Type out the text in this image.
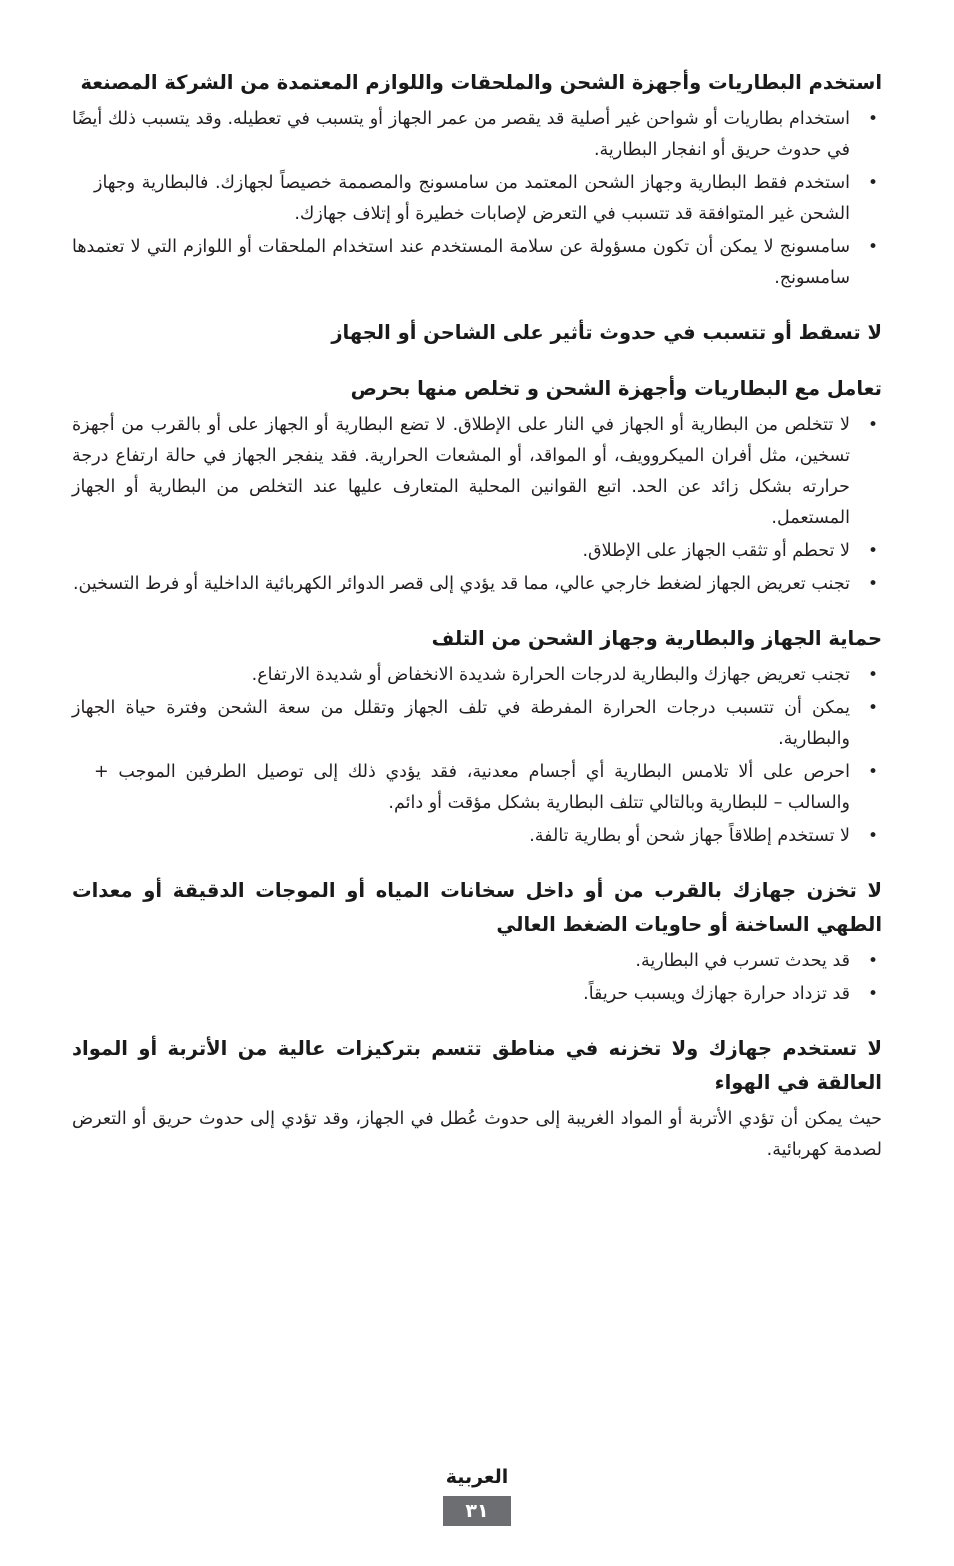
استخدم البطاريات وأجهزة الشحن والملحقات واللوازم المعتمدة من الشركة المصنعة
•
استخدام بطاريات أو شواحن غير أصلية قد يقصر من عمر الجهاز أو يتسبب في تعطيله. وقد يتسبب ذلك أيضًا في حدوث حريق أو انفجار البطارية.
•
استخدم فقط البطارية وجهاز الشحن المعتمد من سامسونج والمصممة خصيصاً لجهازك. فالبطارية وجهاز الشحن غير المتوافقة قد تتسبب في التعرض لإصابات خطيرة أو إتلاف جهازك.
•
سامسونج لا يمكن أن تكون مسؤولة عن سلامة المستخدم عند استخدام الملحقات أو اللوازم التي لا تعتمدها سامسونج.
لا تسقط أو تتسبب في حدوث تأثير على الشاحن أو الجهاز
تعامل مع البطاريات وأجهزة الشحن و تخلص منها بحرص
•
لا تتخلص من البطارية أو الجهاز في النار على الإطلاق. لا تضع البطارية أو الجهاز على أو بالقرب من أجهزة تسخين، مثل أفران الميكروويف، أو المواقد، أو المشعات الحرارية. فقد ينفجر الجهاز في حالة ارتفاع درجة حرارته بشكل زائد عن الحد. اتبع القوانين المحلية المتعارف عليها عند التخلص من البطارية أو الجهاز المستعمل.
•
لا تحطم أو تثقب الجهاز على الإطلاق.
•
تجنب تعريض الجهاز لضغط خارجي عالي، مما قد يؤدي إلى قصر الدوائر الكهربائية الداخلية أو فرط التسخين.
حماية الجهاز والبطارية وجهاز الشحن من التلف
•
تجنب تعريض جهازك والبطارية لدرجات الحرارة شديدة الانخفاض أو شديدة الارتفاع.
•
يمكن أن تتسبب درجات الحرارة المفرطة في تلف الجهاز وتقلل من سعة الشحن وفترة حياة الجهاز والبطارية.
•
احرص على ألا تلامس البطارية أي أجسام معدنية، فقد يؤدي ذلك إلى توصيل الطرفين الموجب + والسالب – للبطارية وبالتالي تتلف البطارية بشكل مؤقت أو دائم.
•
لا تستخدم إطلاقاً جهاز شحن أو بطارية تالفة.
لا تخزن جهازك بالقرب من أو داخل سخانات المياه أو الموجات الدقيقة أو معدات الطهي الساخنة أو حاويات الضغط العالي
•
قد يحدث تسرب في البطارية.
•
قد تزداد حرارة جهازك ويسبب حريقاً.
لا تستخدم جهازك ولا تخزنه في مناطق تتسم بتركيزات عالية من الأتربة أو المواد العالقة في الهواء

حيث يمكن أن تؤدي الأتربة أو المواد الغريبة إلى حدوث عُطل في الجهاز، وقد تؤدي إلى حدوث حريق أو التعرض لصدمة كهربائية.

العربية
٣١
